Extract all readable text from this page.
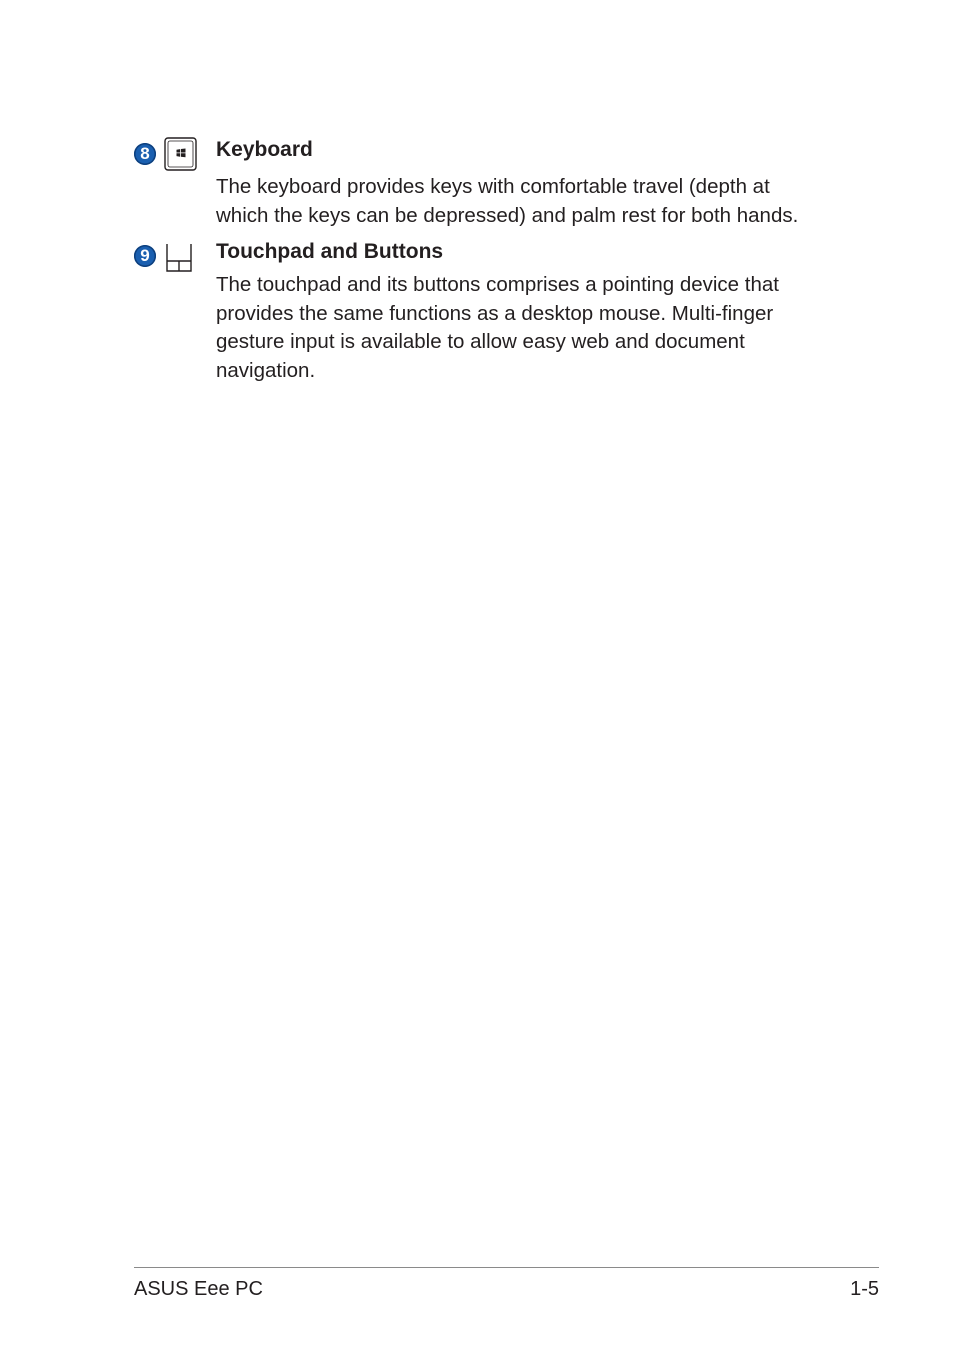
8	Keyboard

The keyboard provides keys with comfortable travel (depth at which the keys can be depressed) and palm rest for both hands.

9	Touchpad and Buttons

The touchpad and its buttons comprises a pointing device that provides the same functions as a desktop mouse. Multi-finger gesture input is available to allow easy web and document navigation.

ASUS Eee PC	1-5
